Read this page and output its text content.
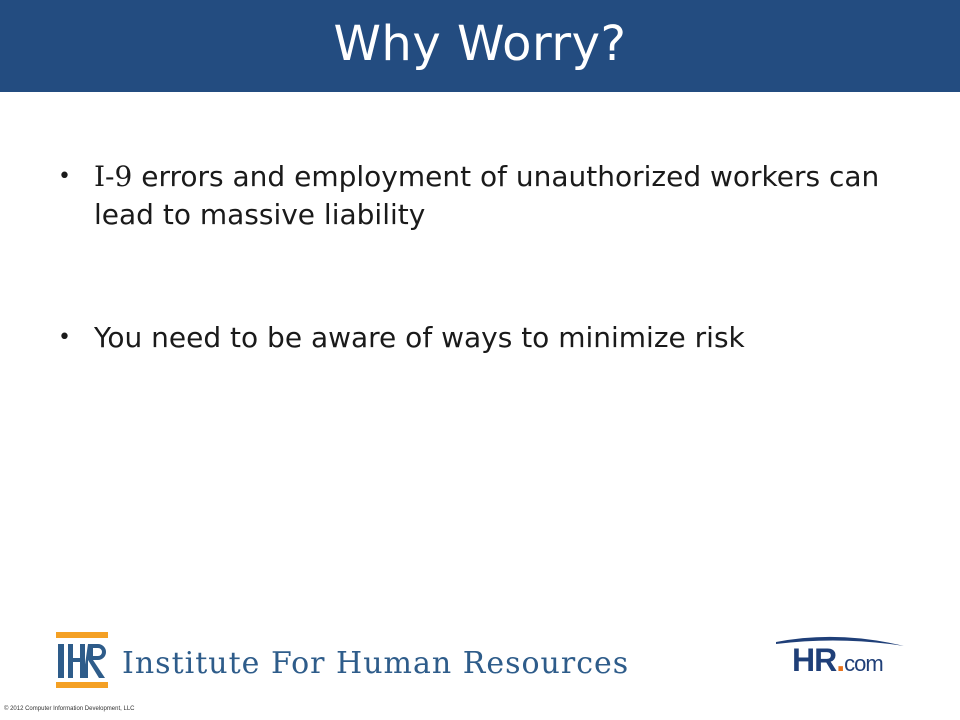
Why Worry?
• I-9 errors and employment of unauthorized workers can lead to massive liability
• You need to be aware of ways to minimize risk
Institute For Human Resources	HR.com
© 2012 Computer Information Development, LLC
